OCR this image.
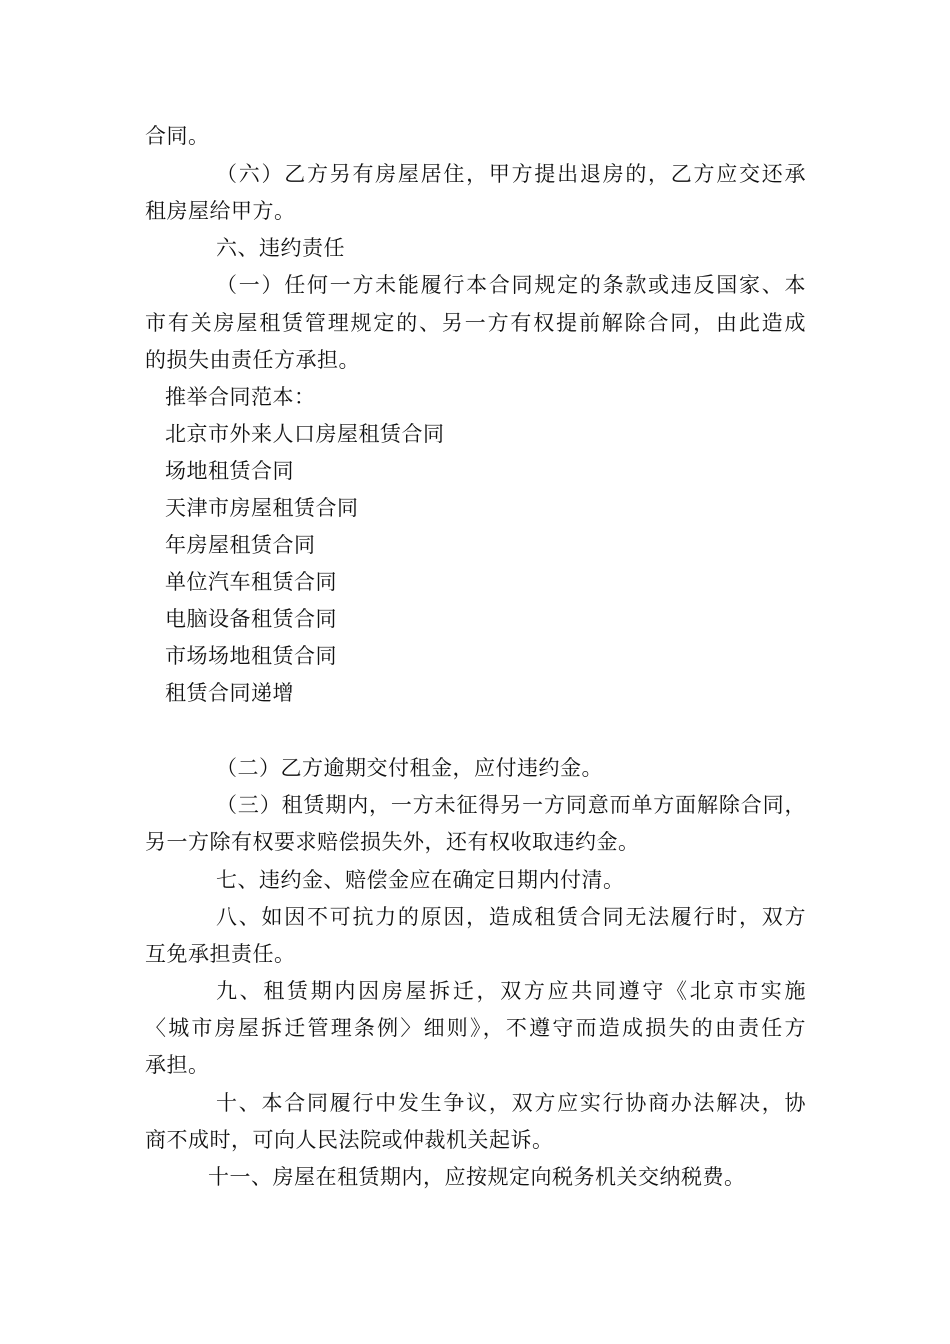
合同。
（六）乙方另有房屋居住，甲方提出退房的，乙方应交还承
租房屋给甲方。
六、违约责任
（一）任何一方未能履行本合同规定的条款或违反国家、本
市有关房屋租赁管理规定的、另一方有权提前解除合同，由此造成
的损失由责任方承担。
推举合同范本：
北京市外来人口房屋租赁合同
场地租赁合同
天津市房屋租赁合同
年房屋租赁合同
单位汽车租赁合同
电脑设备租赁合同
市场场地租赁合同
租赁合同递增
（二）乙方逾期交付租金，应付违约金。
（三）租赁期内，一方未征得另一方同意而单方面解除合同，
另一方除有权要求赔偿损失外，还有权收取违约金。
七、违约金、赔偿金应在确定日期内付清。
八、如因不可抗力的原因，造成租赁合同无法履行时，双方
互免承担责任。
九、租赁期内因房屋拆迁，双方应共同遵守《北京市实施
〈城市房屋拆迁管理条例〉细则》，不遵守而造成损失的由责任方
承担。
十、本合同履行中发生争议，双方应实行协商办法解决，协
商不成时，可向人民法院或仲裁机关起诉。
十一、房屋在租赁期内，应按规定向税务机关交纳税费。
